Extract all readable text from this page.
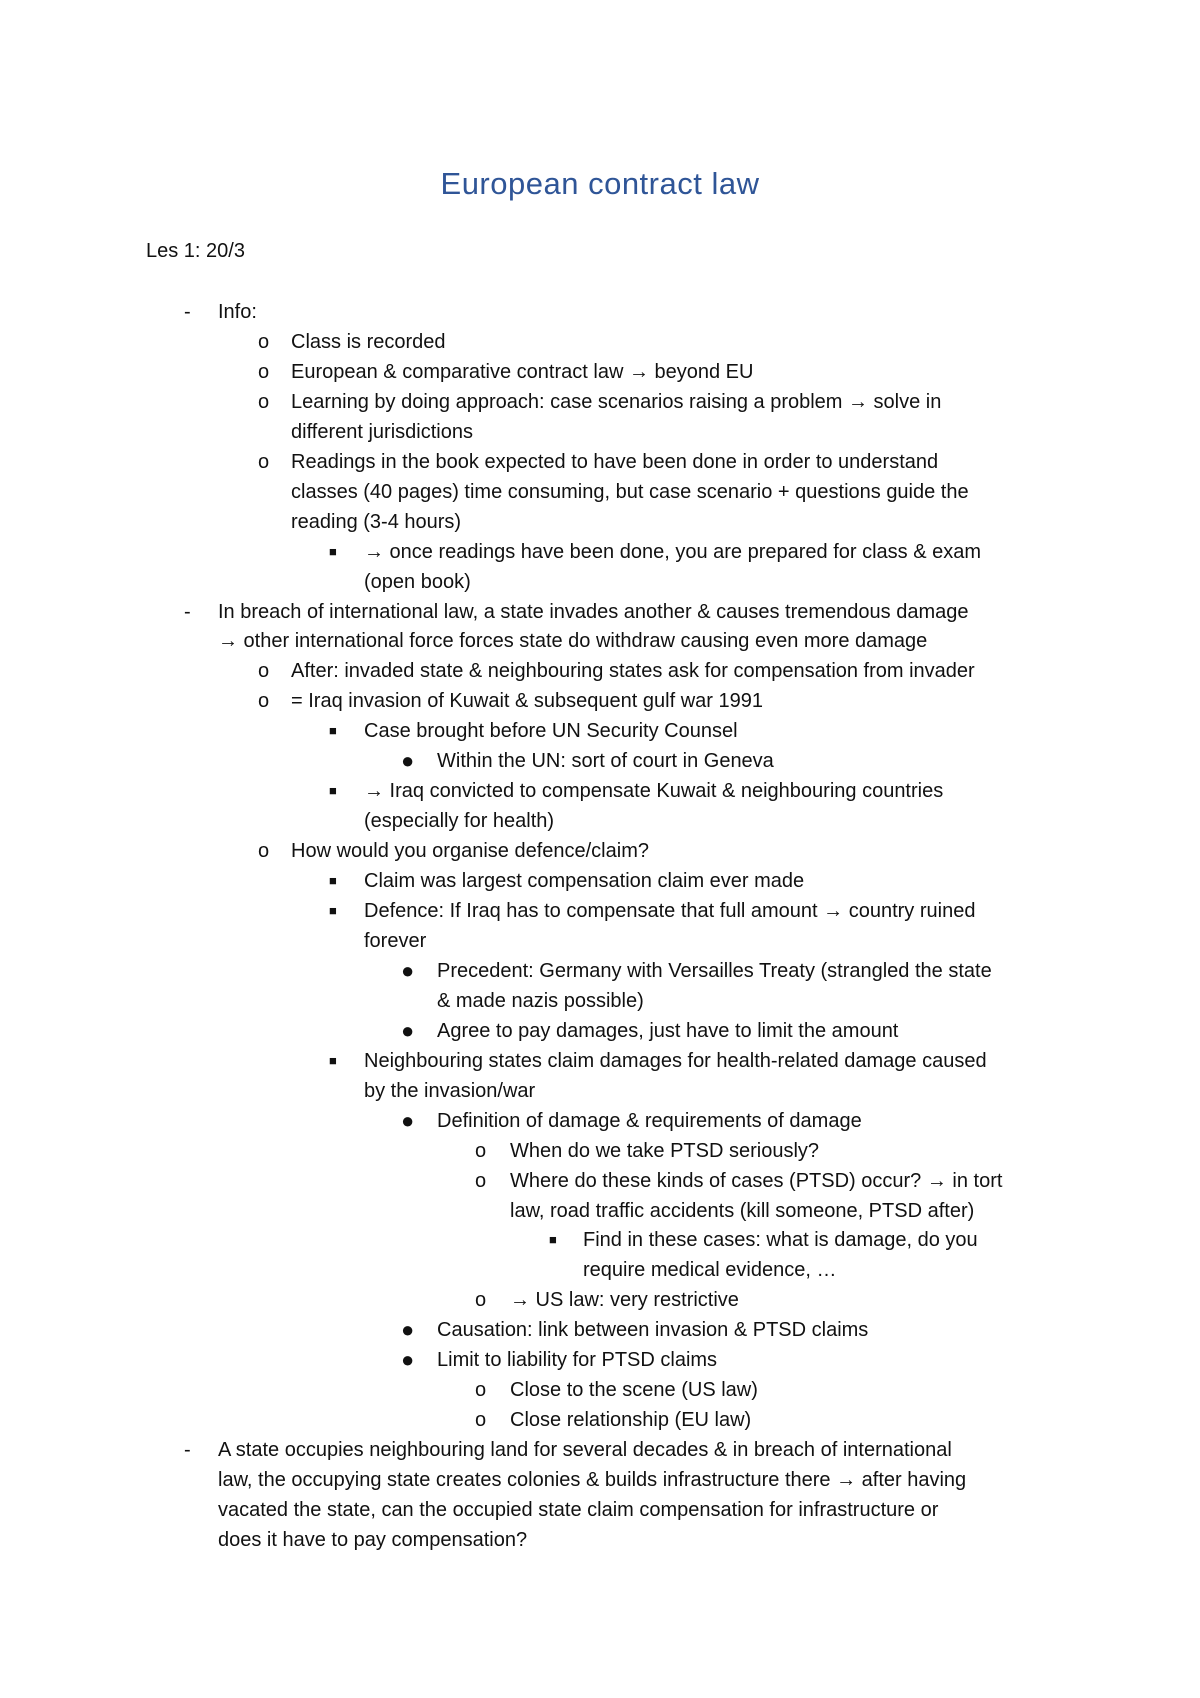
European contract law
Les 1: 20/3
- Info:
o Class is recorded
o European & comparative contract law → beyond EU
o Learning by doing approach: case scenarios raising a problem → solve in
different jurisdictions
o Readings in the book expected to have been done in order to understand
classes (40 pages) time consuming, but case scenario + questions guide the
reading (3-4 hours)
■ → once readings have been done, you are prepared for class & exam
(open book)
- In breach of international law, a state invades another & causes tremendous damage
→ other international force forces state do withdraw causing even more damage
o After: invaded state & neighbouring states ask for compensation from invader
o = Iraq invasion of Kuwait & subsequent gulf war 1991
■ Case brought before UN Security Counsel
● Within the UN: sort of court in Geneva
■ → Iraq convicted to compensate Kuwait & neighbouring countries
(especially for health)
o How would you organise defence/claim?
■ Claim was largest compensation claim ever made
■ Defence: If Iraq has to compensate that full amount → country ruined
forever
● Precedent: Germany with Versailles Treaty (strangled the state
& made nazis possible)
● Agree to pay damages, just have to limit the amount
■ Neighbouring states claim damages for health-related damage caused
by the invasion/war
● Definition of damage & requirements of damage
o When do we take PTSD seriously?
o Where do these kinds of cases (PTSD) occur? → in tort
law, road traffic accidents (kill someone, PTSD after)
■ Find in these cases: what is damage, do you
require medical evidence, …
o → US law: very restrictive
● Causation: link between invasion & PTSD claims
● Limit to liability for PTSD claims
o Close to the scene (US law)
o Close relationship (EU law)
- A state occupies neighbouring land for several decades & in breach of international
law, the occupying state creates colonies & builds infrastructure there → after having
vacated the state, can the occupied state claim compensation for infrastructure or
does it have to pay compensation?
